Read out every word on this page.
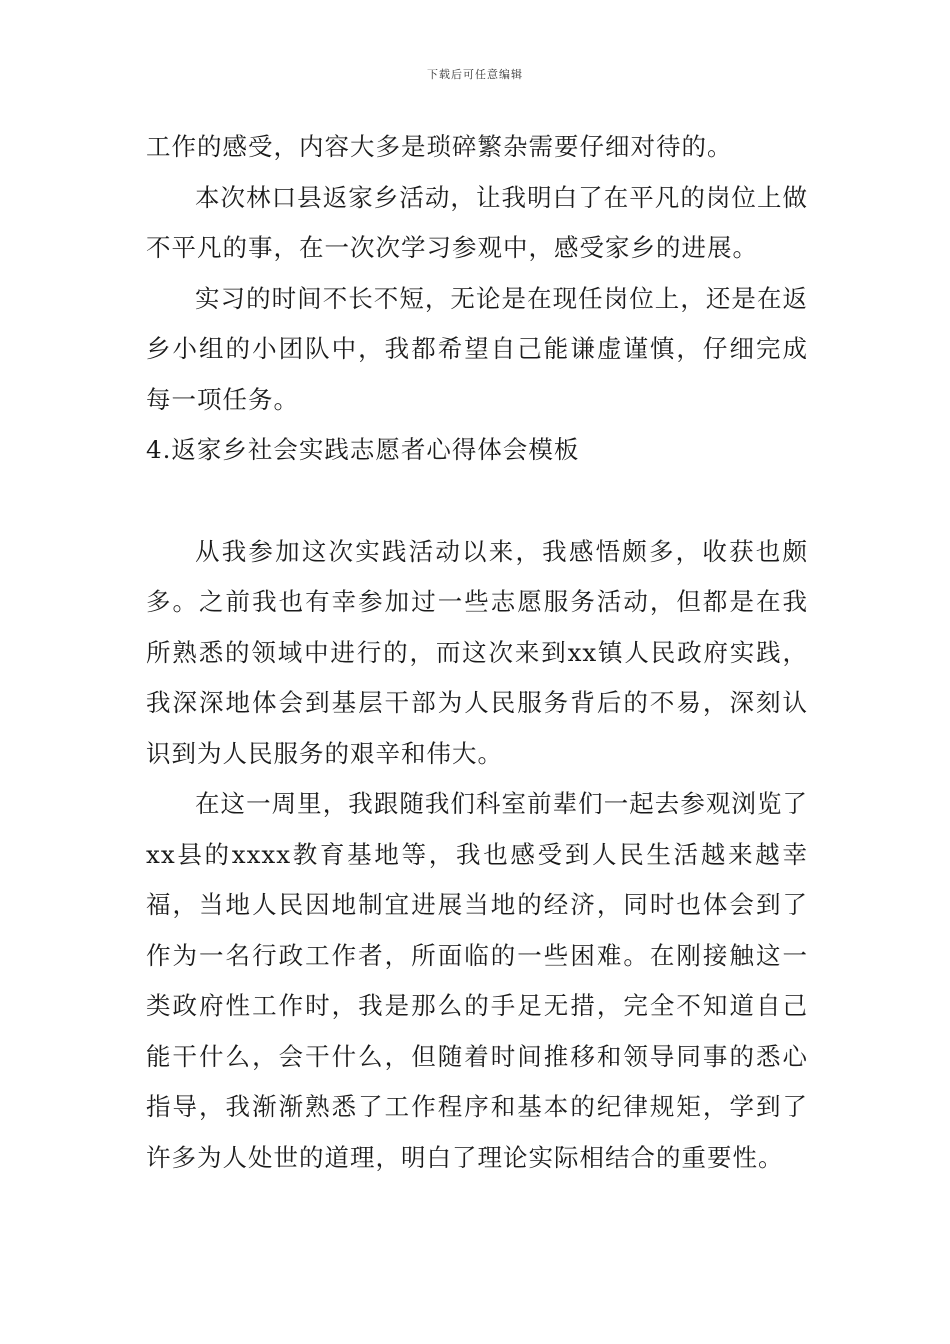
下载后可任意编辑

工作的感受，内容大多是琐碎繁杂需要仔细对待的。

本次林口县返家乡活动，让我明白了在平凡的岗位上做不平凡的事，在一次次学习参观中，感受家乡的进展。

实习的时间不长不短，无论是在现任岗位上，还是在返乡小组的小团队中，我都希望自己能谦虚谨慎，仔细完成每一项任务。

4.返家乡社会实践志愿者心得体会模板

从我参加这次实践活动以来，我感悟颇多，收获也颇多。之前我也有幸参加过一些志愿服务活动，但都是在我所熟悉的领域中进行的，而这次来到xx镇人民政府实践，我深深地体会到基层干部为人民服务背后的不易，深刻认识到为人民服务的艰辛和伟大。

在这一周里，我跟随我们科室前辈们一起去参观浏览了xx县的xxxx教育基地等，我也感受到人民生活越来越幸福，当地人民因地制宜进展当地的经济，同时也体会到了作为一名行政工作者，所面临的一些困难。在刚接触这一类政府性工作时，我是那么的手足无措，完全不知道自己能干什么，会干什么，但随着时间推移和领导同事的悉心指导，我渐渐熟悉了工作程序和基本的纪律规矩，学到了许多为人处世的道理，明白了理论实际相结合的重要性。
